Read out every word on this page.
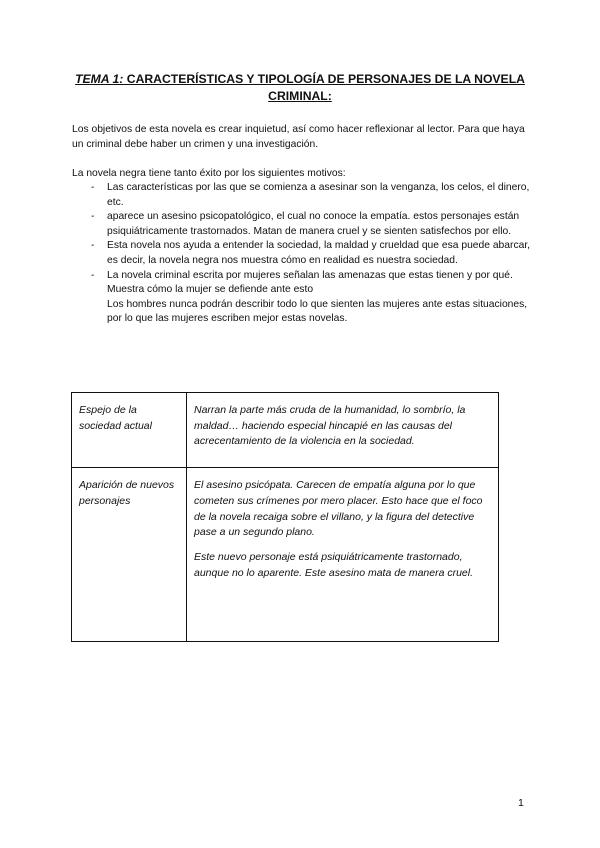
TEMA 1: CARACTERÍSTICAS Y TIPOLOGÍA DE PERSONAJES DE LA NOVELA CRIMINAL:

Los objetivos de esta novela es crear inquietud, así como hacer reflexionar al lector. Para que haya un criminal debe haber un crimen y una investigación.

La novela negra tiene tanto éxito por los siguientes motivos:

- Las características por las que se comienza a asesinar son la venganza, los celos, el dinero, etc.
- aparece un asesino psicopatológico, el cual no conoce la empatía. estos personajes están psiquiátricamente trastornados. Matan de manera cruel y se sienten satisfechos por ello.
- Esta novela nos ayuda a entender la sociedad, la maldad y crueldad que esa puede abarcar, es decir, la novela negra nos muestra cómo en realidad es nuestra sociedad.
- La novela criminal escrita por mujeres señalan las amenazas que estas tienen y por qué. Muestra cómo la mujer se defiende ante esto
Los hombres nunca podrán describir todo lo que sienten las mujeres ante estas situaciones, por lo que las mujeres escriben mejor estas novelas.
Espejo de la sociedad actual	Narran la parte más cruda de la humanidad, lo sombrío, la maldad… haciendo especial hincapié en las causas del acrecentamiento de la violencia en la sociedad.

Aparición de nuevos personajes	El asesino psicópata. Carecen de empatía alguna por lo que cometen sus crímenes por mero placer. Esto hace que el foco de la novela recaiga sobre el villano, y la figura del detective pase a un segundo plano.

Este nuevo personaje está psiquiátricamente trastornado, aunque no lo aparente. Este asesino mata de manera cruel.

1
